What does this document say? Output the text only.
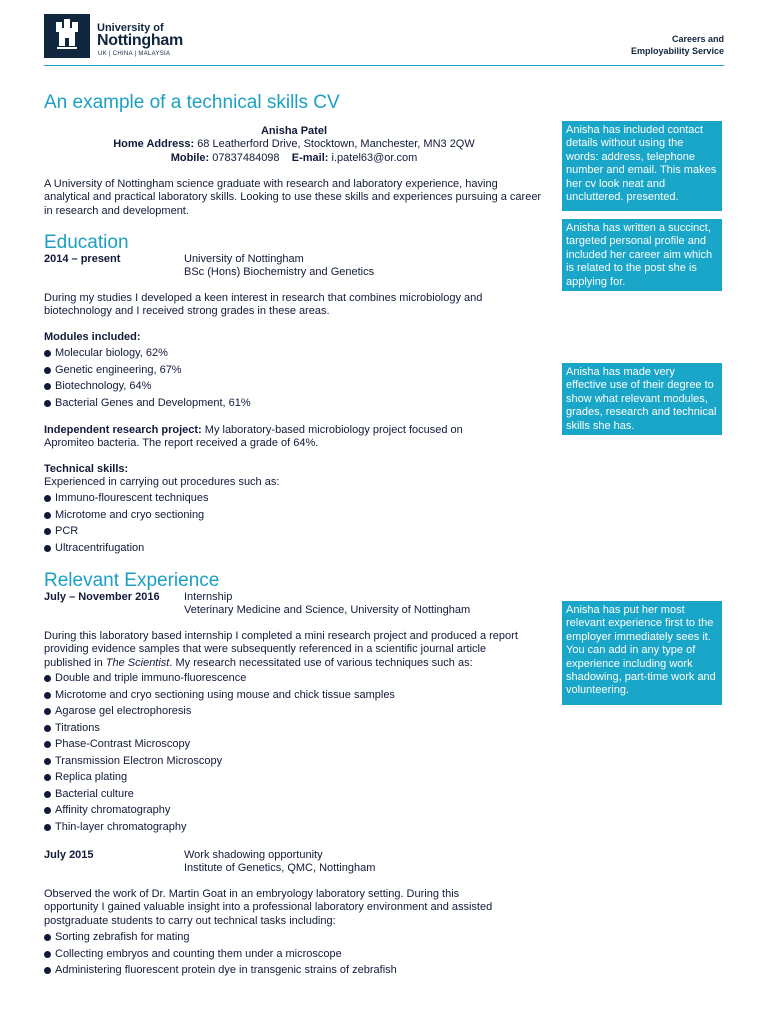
University of
Nottingham
UK | CHINA | MALAYSIA
Careers and
Employability Service
An example of a technical skills CV
Anisha Patel
Home Address: 68 Leatherford Drive, Stocktown, Manchester, MN3 2QW
Mobile: 07837484098 E-mail: i.patel63@or.com
A University of Nottingham science graduate with research and laboratory experience, having analytical and practical laboratory skills. Looking to use these skills and experiences pursuing a career in research and development.
Education
2014 – present	University of Nottingham
BSc (Hons) Biochemistry and Genetics
During my studies I developed a keen interest in research that combines microbiology and biotechnology and I received strong grades in these areas.
Modules included:
Molecular biology, 62%
Genetic engineering, 67%
Biotechnology, 64%
Bacterial Genes and Development, 61%
Independent research project: My laboratory-based microbiology project focused on Apromiteo bacteria. The report received a grade of 64%.
Technical skills:
Experienced in carrying out procedures such as:
Immuno-flourescent techniques
Microtome and cryo sectioning
PCR
Ultracentrifugation
Relevant Experience
July – November 2016 Internship
Veterinary Medicine and Science, University of Nottingham
During this laboratory based internship I completed a mini research project and produced a report providing evidence samples that were subsequently referenced in a scientific journal article published in The Scientist. My research necessitated use of various techniques such as:
Double and triple immuno-fluorescence
Microtome and cryo sectioning using mouse and chick tissue samples
Agarose gel electrophoresis
Titrations
Phase-Contrast Microscopy
Transmission Electron Microscopy
Replica plating
Bacterial culture
Affinity chromatography
Thin-layer chromatography
July 2015	Work shadowing opportunity
Institute of Genetics, QMC, Nottingham
Observed the work of Dr. Martin Goat in an embryology laboratory setting. During this opportunity I gained valuable insight into a professional laboratory environment and assisted postgraduate students to carry out technical tasks including:
Sorting zebrafish for mating
Collecting embryos and counting them under a microscope
Administering fluorescent protein dye in transgenic strains of zebrafish
Anisha has included contact details without using the words: address, telephone number and email. This makes her cv look neat and uncluttered. presented.
Anisha has written a succinct, targeted personal profile and included her career aim which is related to the post she is applying for.
Anisha has made very effective use of their degree to show what relevant modules, grades, research and technical skills she has.
Anisha has put her most relevant experience first to the employer immediately sees it. You can add in any type of experience including work shadowing, part-time work and volunteering.
